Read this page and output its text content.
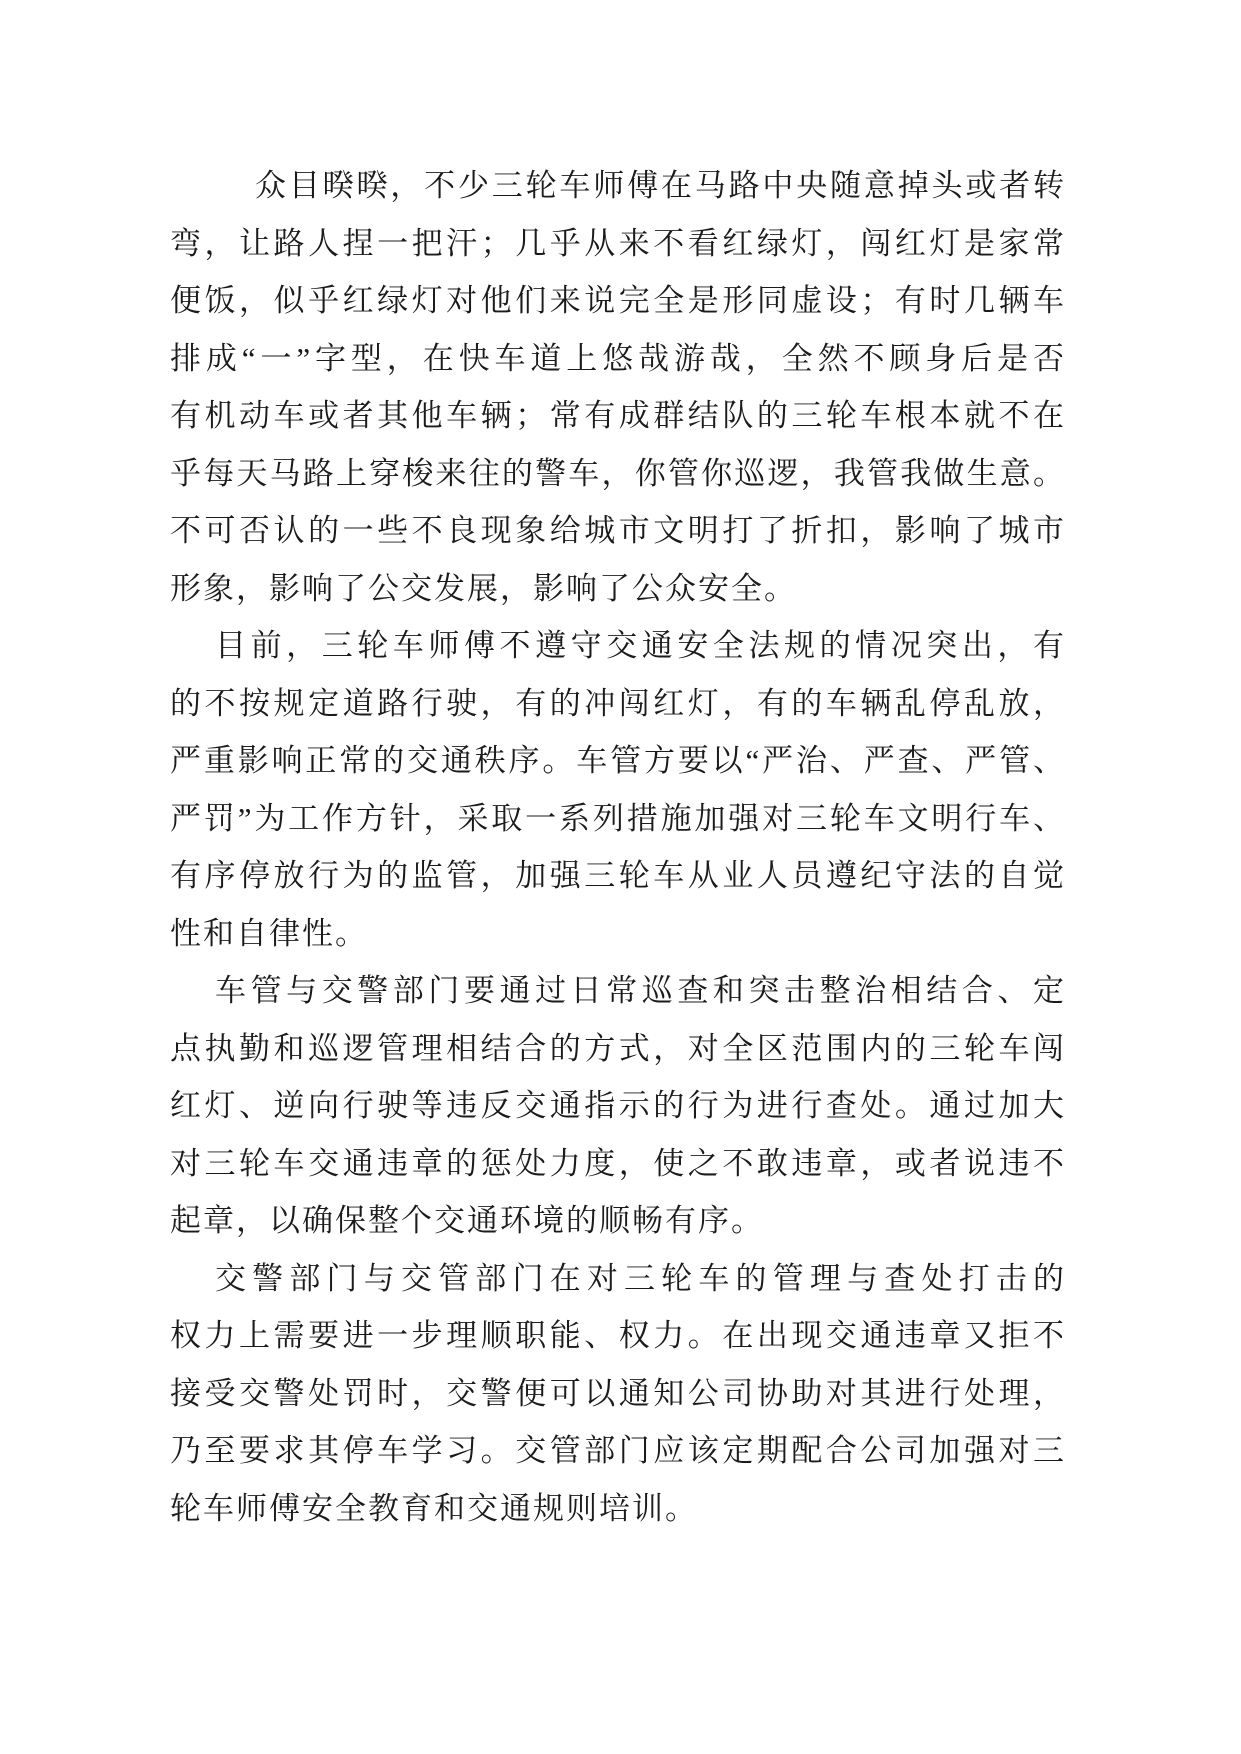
众目暌暌，不少三轮车师傅在马路中央随意掉头或者转
弯，让路人捏一把汗；几乎从来不看红绿灯，闯红灯是家常
便饭，似乎红绿灯对他们来说完全是形同虚设；有时几辆车
排成“一”字型，在快车道上悠哉游哉，全然不顾身后是否
有机动车或者其他车辆；常有成群结队的三轮车根本就不在
乎每天马路上穿梭来往的警车，你管你巡逻，我管我做生意。
不可否认的一些不良现象给城市文明打了折扣，影响了城市
形象，影响了公交发展，影响了公众安全。
目前，三轮车师傅不遵守交通安全法规的情况突出，有
的不按规定道路行驶，有的冲闯红灯，有的车辆乱停乱放，
严重影响正常的交通秩序。车管方要以“严治、严查、严管、
严罚”为工作方针，采取一系列措施加强对三轮车文明行车、
有序停放行为的监管，加强三轮车从业人员遵纪守法的自觉
性和自律性。
车管与交警部门要通过日常巡查和突击整治相结合、定
点执勤和巡逻管理相结合的方式，对全区范围内的三轮车闯
红灯、逆向行驶等违反交通指示的行为进行查处。通过加大
对三轮车交通违章的惩处力度，使之不敢违章，或者说违不
起章，以确保整个交通环境的顺畅有序。
交警部门与交管部门在对三轮车的管理与查处打击的
权力上需要进一步理顺职能、权力。在出现交通违章又拒不
接受交警处罚时，交警便可以通知公司协助对其进行处理，
乃至要求其停车学习。交管部门应该定期配合公司加强对三
轮车师傅安全教育和交通规则培训。
